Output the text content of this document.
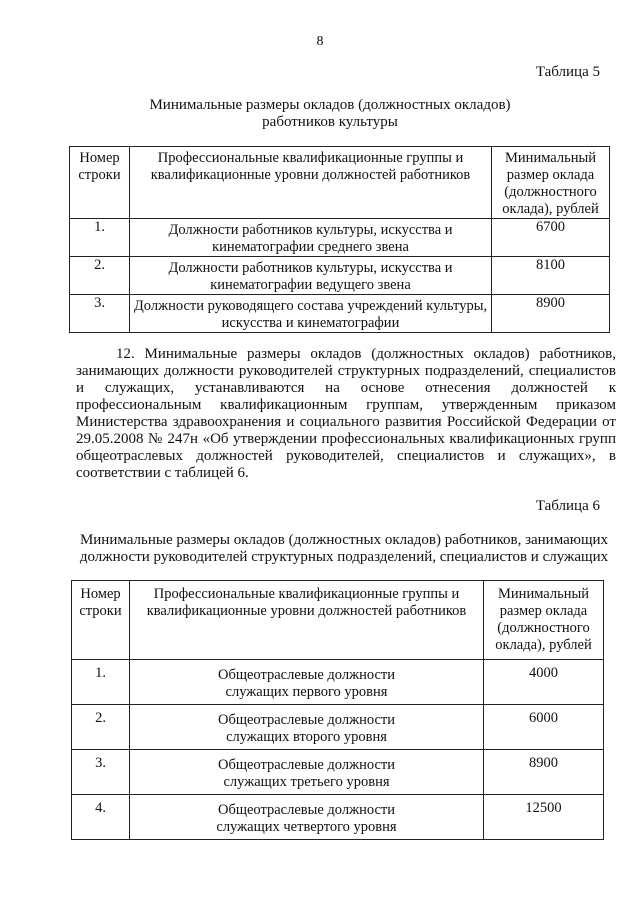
8
Таблица 5
Минимальные размеры окладов (должностных окладов)
работников культуры
Номер строки	Профессиональные квалификационные группы и квалификационные уровни должностей работников	Минимальный размер оклада (должностного оклада), рублей
1.	Должности работников культуры, искусства и кинематографии среднего звена	6700
2.	Должности работников культуры, искусства и кинематографии ведущего звена	8100
3.	Должности руководящего состава учреждений культуры, искусства и кинематографии	8900
12. Минимальные размеры окладов (должностных окладов) работников, занимающих должности руководителей структурных подразделений, специалистов и служащих, устанавливаются на основе отнесения должностей к профессиональным квалификационным группам, утвержденным приказом Министерства здравоохранения и социального развития Российской Федерации от 29.05.2008 № 247н «Об утверждении профессиональных квалификационных групп общеотраслевых должностей руководителей, специалистов и служащих», в соответствии с таблицей 6.
Таблица 6
Минимальные размеры окладов (должностных окладов) работников, занимающих
должности руководителей структурных подразделений, специалистов и служащих
Номер строки	Профессиональные квалификационные группы и квалификационные уровни должностей работников	Минимальный размер оклада (должностного оклада), рублей
1.	Общеотраслевые должности служащих первого уровня	4000
2.	Общеотраслевые должности служащих второго уровня	6000
3.	Общеотраслевые должности служащих третьего уровня	8900
4.	Общеотраслевые должности служащих четвертого уровня	12500
